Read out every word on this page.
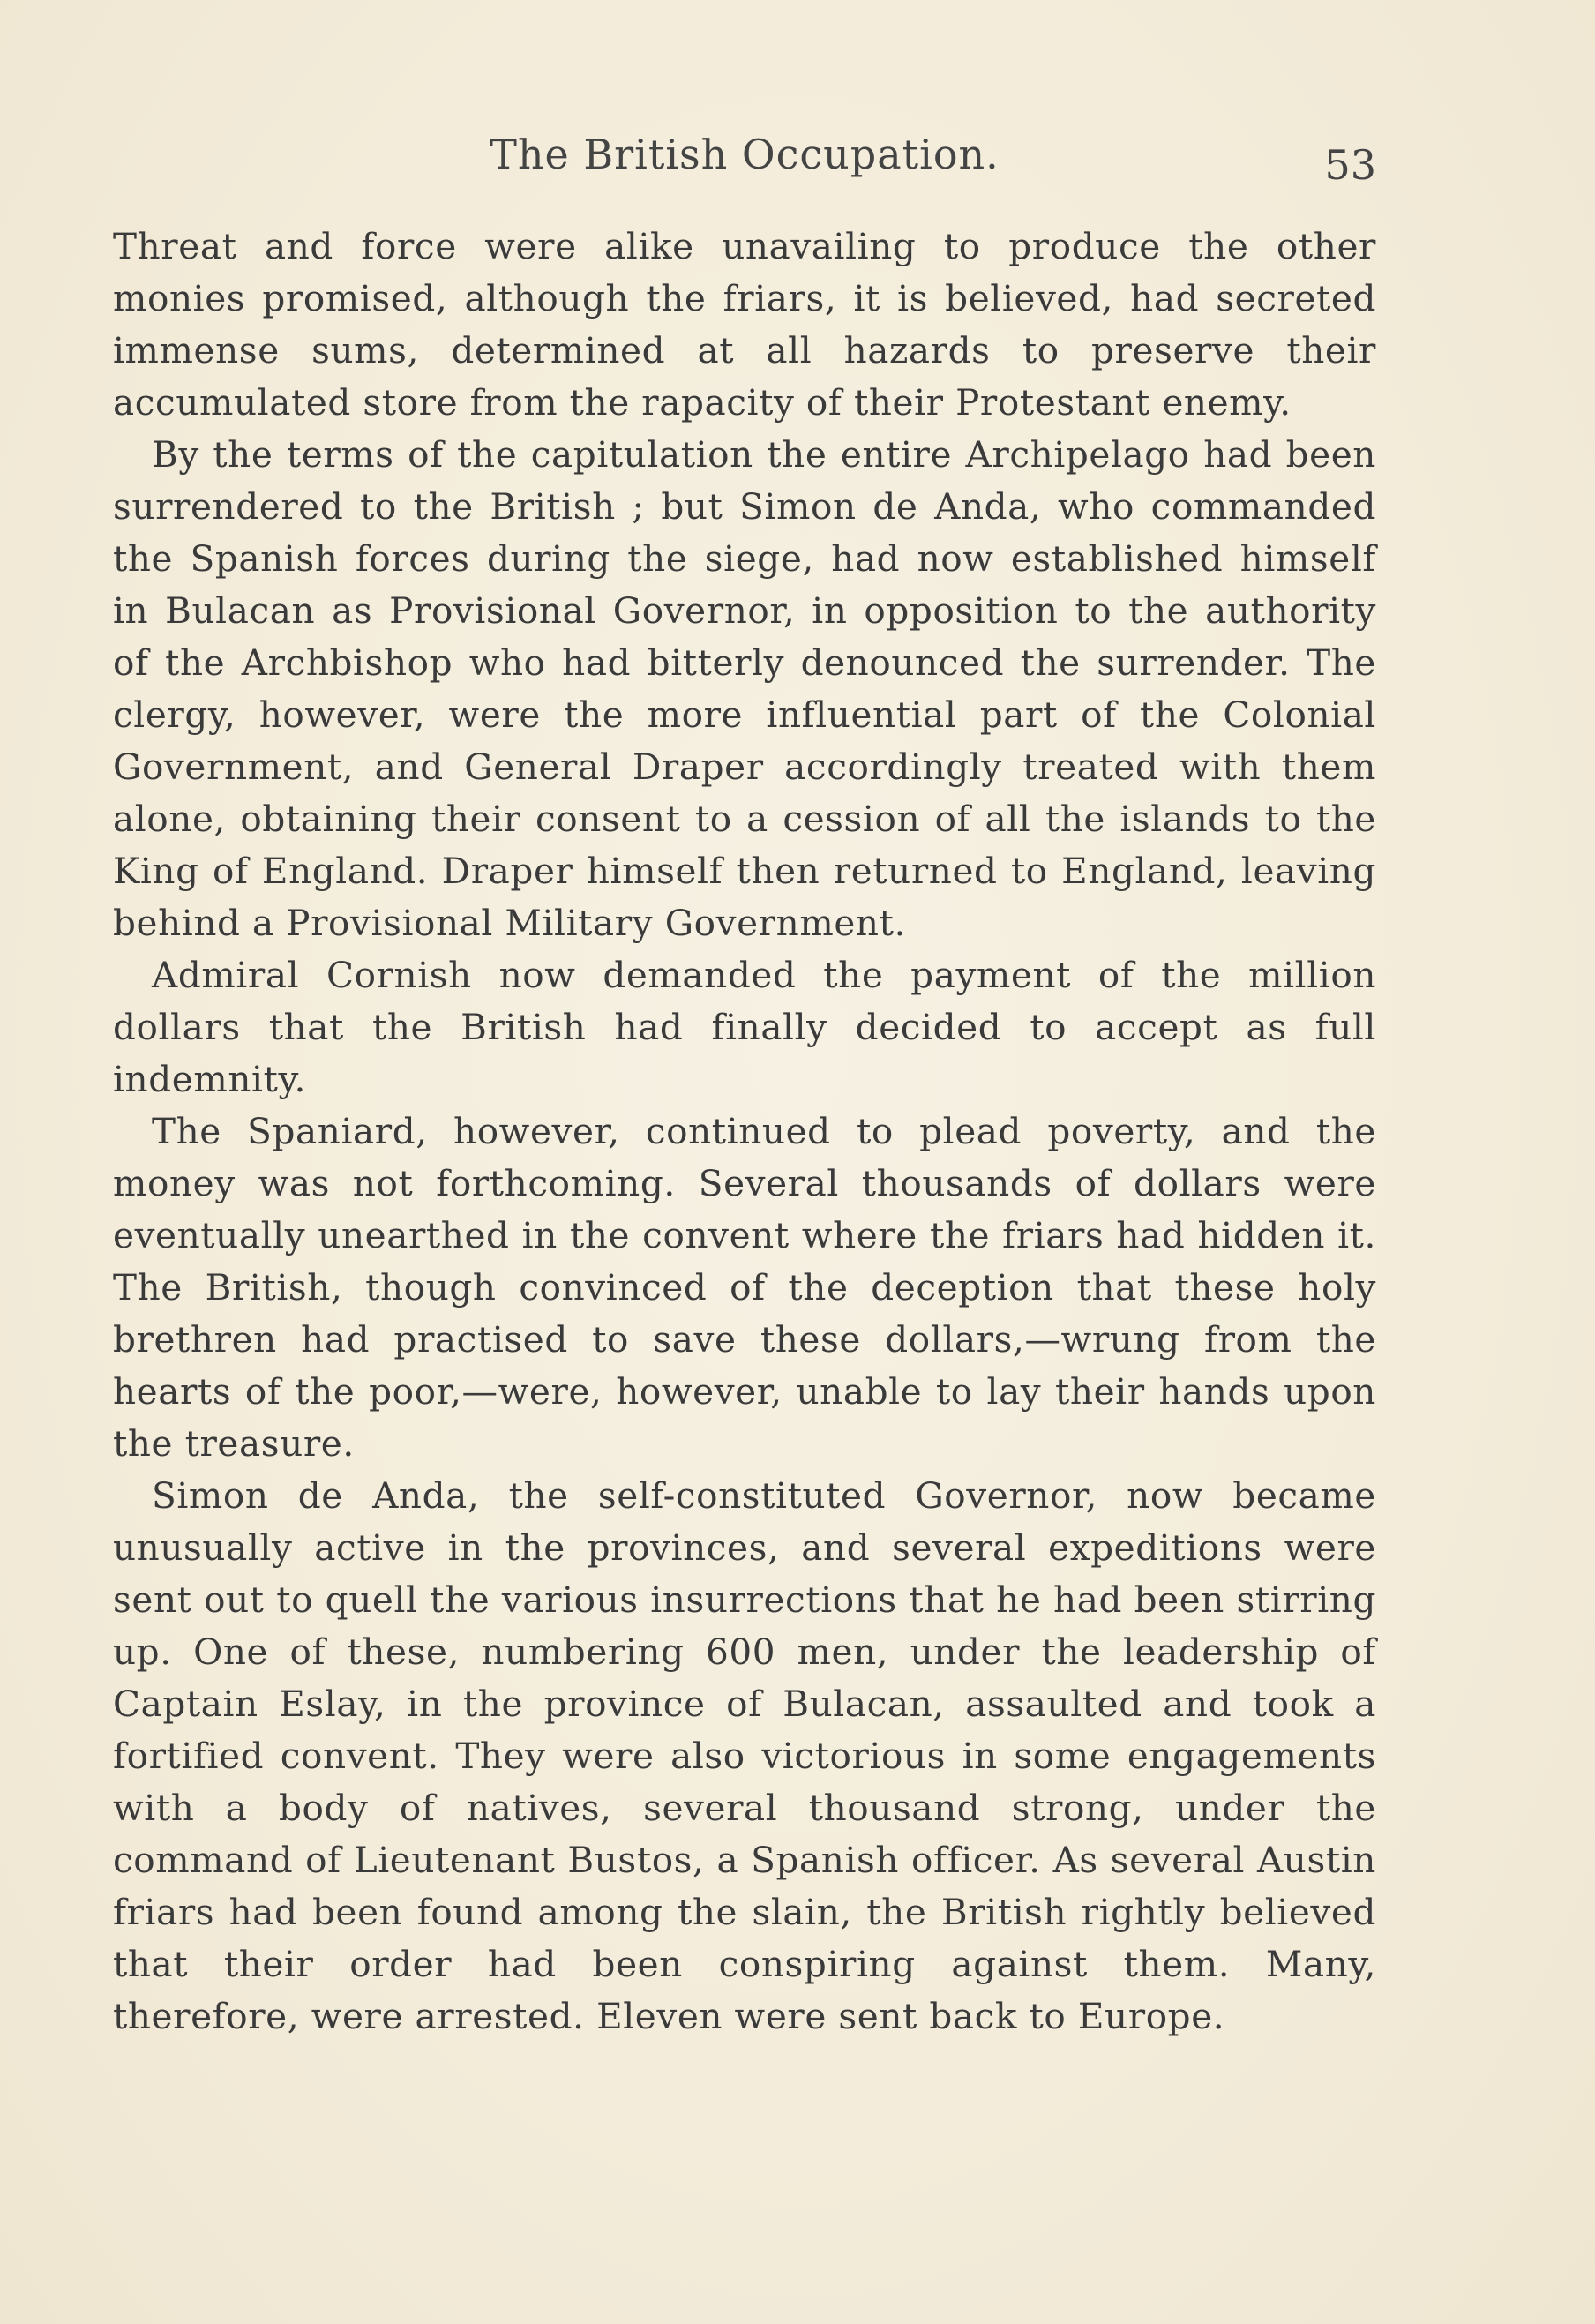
The British Occupation.	53

Threat and force were alike unavailing to produce the other monies promised, although the friars, it is believed, had secreted immense sums, determined at all hazards to preserve their accumulated store from the rapacity of their Protestant enemy.

By the terms of the capitulation the entire Archipelago had been surrendered to the British ; but Simon de Anda, who commanded the Spanish forces during the siege, had now established himself in Bulacan as Provisional Governor, in opposition to the authority of the Archbishop who had bitterly denounced the surrender. The clergy, however, were the more influential part of the Colonial Government, and General Draper accordingly treated with them alone, obtaining their consent to a cession of all the islands to the King of England. Draper himself then returned to England, leaving behind a Provisional Military Government.

Admiral Cornish now demanded the payment of the million dollars that the British had finally decided to accept as full indemnity.

The Spaniard, however, continued to plead poverty, and the money was not forthcoming. Several thousands of dollars were eventually unearthed in the convent where the friars had hidden it. The British, though convinced of the deception that these holy brethren had practised to save these dollars,—wrung from the hearts of the poor,—were, however, unable to lay their hands upon the treasure.

Simon de Anda, the self-constituted Governor, now became unusually active in the provinces, and several expeditions were sent out to quell the various insurrections that he had been stirring up. One of these, numbering 600 men, under the leadership of Captain Eslay, in the province of Bulacan, assaulted and took a fortified convent. They were also victorious in some engagements with a body of natives, several thousand strong, under the command of Lieutenant Bustos, a Spanish officer. As several Austin friars had been found among the slain, the British rightly believed that their order had been conspiring against them. Many, therefore, were arrested. Eleven were sent back to Europe.
